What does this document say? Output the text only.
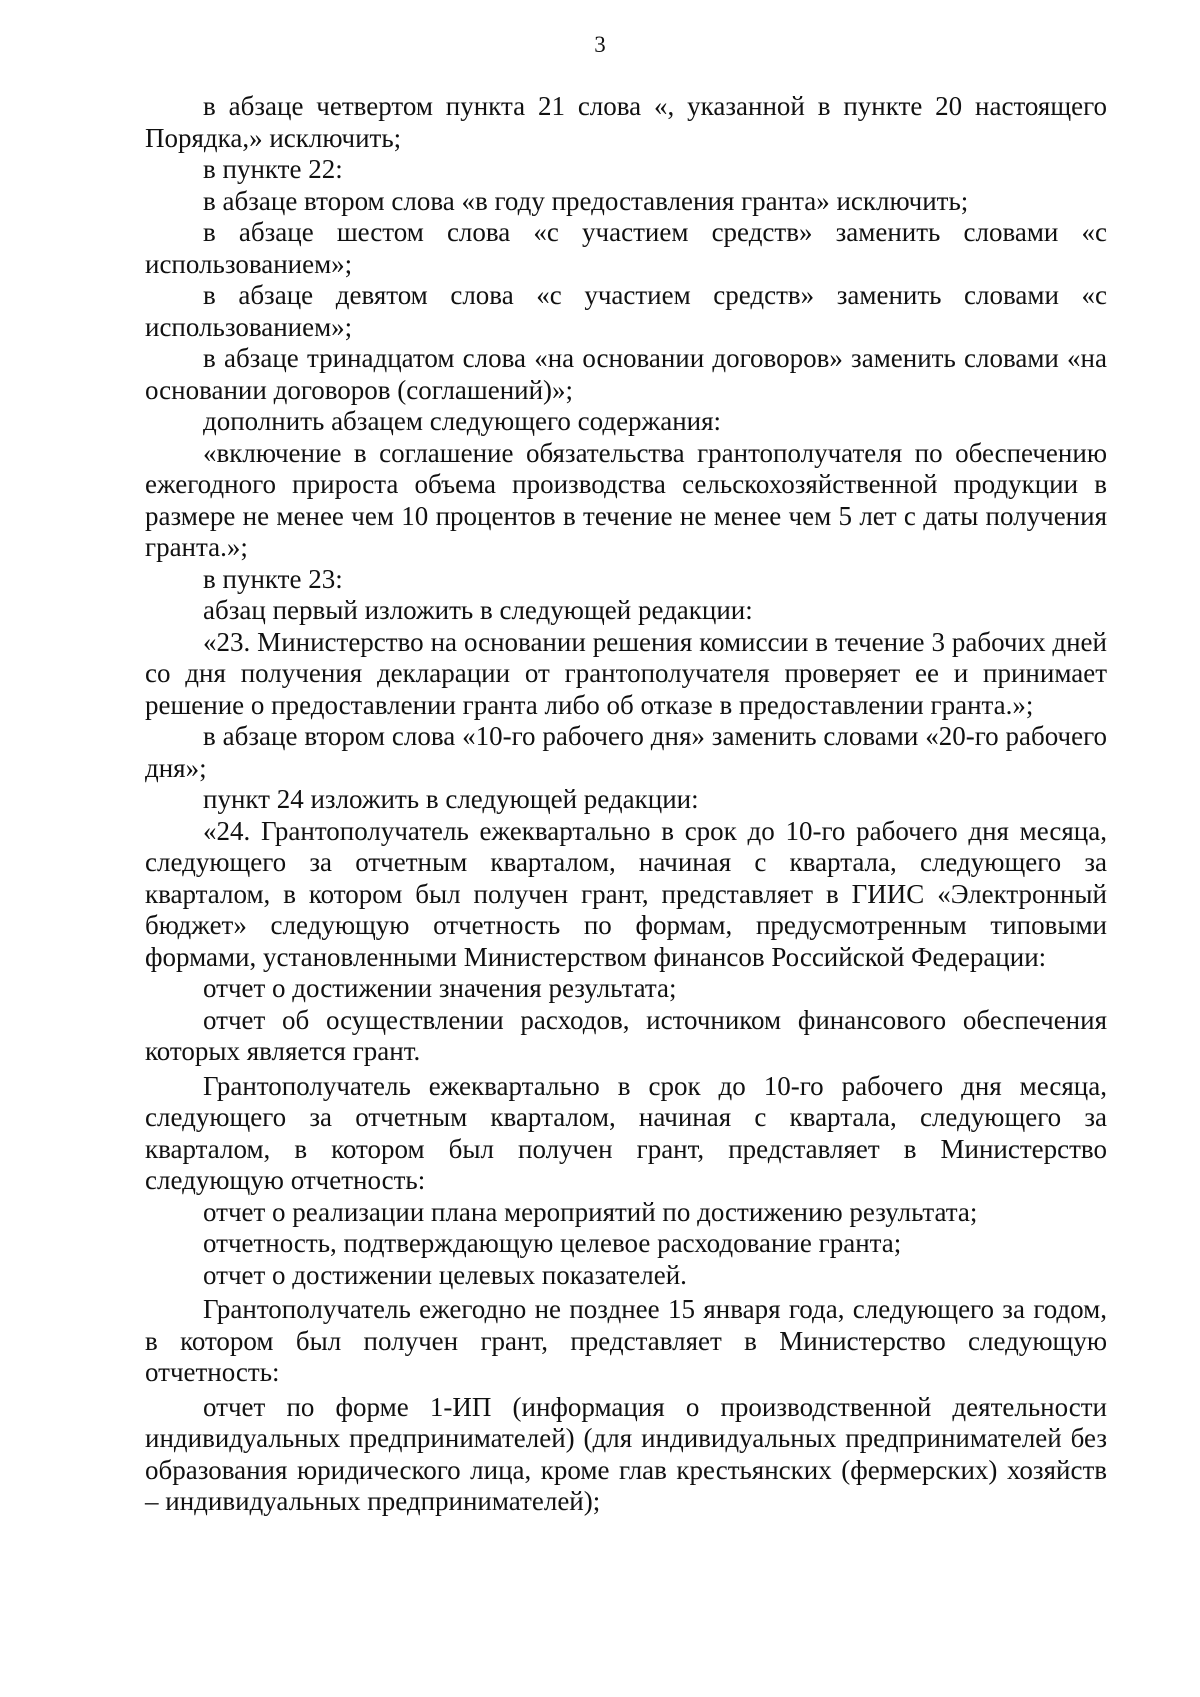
3

в абзаце четвертом пункта 21 слова «, указанной в пункте 20 настоящего Порядка,» исключить;

в пункте 22:

в абзаце втором слова «в году предоставления гранта» исключить;

в абзаце шестом слова «с участием средств» заменить словами «с использованием»;

в абзаце девятом слова «с участием средств» заменить словами «с использованием»;

в абзаце тринадцатом слова «на основании договоров» заменить словами «на основании договоров (соглашений)»;

дополнить абзацем следующего содержания:

«включение в соглашение обязательства грантополучателя по обеспечению ежегодного прироста объема производства сельскохозяйственной продукции в размере не менее чем 10 процентов в течение не менее чем 5 лет с даты получения гранта.»;

в пункте 23:

абзац первый изложить в следующей редакции:

«23. Министерство на основании решения комиссии в течение 3 рабочих дней со дня получения декларации от грантополучателя проверяет ее и принимает решение о предоставлении гранта либо об отказе в предоставлении гранта.»;

в абзаце втором слова «10-го рабочего дня» заменить словами «20-го рабочего дня»;

пункт 24 изложить в следующей редакции:

«24. Грантополучатель ежеквартально в срок до 10-го рабочего дня месяца, следующего за отчетным кварталом, начиная с квартала, следующего за кварталом, в котором был получен грант, представляет в ГИИС «Электронный бюджет» следующую отчетность по формам, предусмотренным типовыми формами, установленными Министерством финансов Российской Федерации:

отчет о достижении значения результата;

отчет об осуществлении расходов, источником финансового обеспечения которых является грант.

Грантополучатель ежеквартально в срок до 10-го рабочего дня месяца, следующего за отчетным кварталом, начиная с квартала, следующего за кварталом, в котором был получен грант, представляет в Министерство следующую отчетность:

отчет о реализации плана мероприятий по достижению результата;

отчетность, подтверждающую целевое расходование гранта;

отчет о достижении целевых показателей.

Грантополучатель ежегодно не позднее 15 января года, следующего за годом, в котором был получен грант, представляет в Министерство следующую отчетность:

отчет по форме 1-ИП (информация о производственной деятельности индивидуальных предпринимателей) (для индивидуальных предпринимателей без образования юридического лица, кроме глав крестьянских (фермерских) хозяйств – индивидуальных предпринимателей);
